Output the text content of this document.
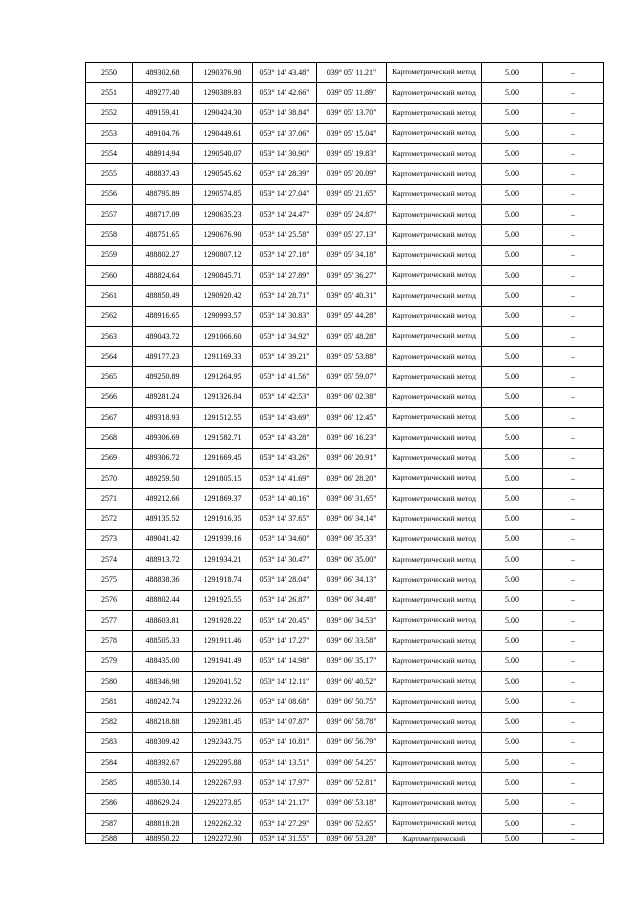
2550	489302.68	1290376.98	053° 14' 43.48"	039° 05' 11.21"	Картометрический метод	5.00	–
2551	489277.40	1290389.83	053° 14' 42.66"	039° 05' 11.89"	Картометрический метод	5.00	–
2552	489159.41	1290424.30	053° 14' 38.84"	039° 05' 13.70"	Картометрический метод	5.00	–
2553	489104.76	1290449.61	053° 14' 37.06"	039° 05' 15.04"	Картометрический метод	5.00	–
2554	488914.94	1290540.07	053° 14' 30.90"	039° 05' 19.83"	Картометрический метод	5.00	–
2555	488837.43	1290545.62	053° 14' 28.39"	039° 05' 20.09"	Картометрический метод	5.00	–
2556	488795.89	1290574.85	053° 14' 27.04"	039° 05' 21.65"	Картометрический метод	5.00	–
2557	488717.09	1290635.23	053° 14' 24.47"	039° 05' 24.87"	Картометрический метод	5.00	–
2558	488751.65	1290676.90	053° 14' 25.58"	039° 05' 27.13"	Картометрический метод	5.00	–
2559	488802.27	1290807.12	053° 14' 27.18"	039° 05' 34.18"	Картометрический метод	5.00	–
2560	488824.64	1290845.71	053° 14' 27.89"	039° 05' 36.27"	Картометрический метод	5.00	–
2561	488850.49	1290920.42	053° 14' 28.71"	039° 05' 40.31"	Картометрический метод	5.00	–
2562	488916.65	1290993.57	053° 14' 30.83"	039° 05' 44.28"	Картометрический метод	5.00	–
2563	489043.72	1291066.60	053° 14' 34.92"	039° 05' 48.28"	Картометрический метод	5.00	–
2564	489177.23	1291169.33	053° 14' 39.21"	039° 05' 53.88"	Картометрический метод	5.00	–
2565	489250.89	1291264.95	053° 14' 41.56"	039° 05' 59.07"	Картометрический метод	5.00	–
2566	489281.24	1291326.04	053° 14' 42.53"	039° 06' 02.38"	Картометрический метод	5.00	–
2567	489318.93	1291512.55	053° 14' 43.69"	039° 06' 12.45"	Картометрический метод	5.00	–
2568	489306.69	1291582.71	053° 14' 43.28"	039° 06' 16.23"	Картометрический метод	5.00	–
2569	489306.72	1291669.45	053° 14' 43.26"	039° 06' 20.91"	Картометрический метод	5.00	–
2570	489259.50	1291805.15	053° 14' 41.69"	039° 06' 28.20"	Картометрический метод	5.00	–
2571	489212.66	1291869.37	053° 14' 40.16"	039° 06' 31.65"	Картометрический метод	5.00	–
2572	489135.52	1291916.35	053° 14' 37.65"	039° 06' 34.14"	Картометрический метод	5.00	–
2573	489041.42	1291939.16	053° 14' 34.60"	039° 06' 35.33"	Картометрический метод	5.00	–
2574	488913.72	1291934.21	053° 14' 30.47"	039° 06' 35.00"	Картометрический метод	5.00	–
2575	488838.36	1291918.74	053° 14' 28.04"	039° 06' 34.13"	Картометрический метод	5.00	–
2576	488802.44	1291925.55	053° 14' 26.87"	039° 06' 34.48"	Картометрический метод	5.00	–
2577	488603.81	1291928.22	053° 14' 20.45"	039° 06' 34.53"	Картометрический метод	5.00	–
2578	488505.33	1291911.46	053° 14' 17.27"	039° 06' 33.58"	Картометрический метод	5.00	–
2579	488435.00	1291941.49	053° 14' 14.98"	039° 06' 35.17"	Картометрический метод	5.00	–
2580	488346.98	1292041.52	053° 14' 12.11"	039° 06' 40.52"	Картометрический метод	5.00	–
2581	488242.74	1292232.26	053° 14' 08.68"	039° 06' 50.75"	Картометрический метод	5.00	–
2582	488218.88	1292381.45	053° 14' 07.87"	039° 06' 58.78"	Картометрический метод	5.00	–
2583	488309.42	1292343.75	053° 14' 10.81"	039° 06' 56.79"	Картометрический метод	5.00	–
2584	488392.67	1292295.88	053° 14' 13.51"	039° 06' 54.25"	Картометрический метод	5.00	–
2585	488530.14	1292267.93	053° 14' 17.97"	039° 06' 52.81"	Картометрический метод	5.00	–
2586	488629.24	1292273.85	053° 14' 21.17"	039° 06' 53.18"	Картометрический метод	5.00	–
2587	488818.28	1292262.32	053° 14' 27.29"	039° 06' 52.65"	Картометрический метод	5.00	–
2588	488950.22	1292272.90	053° 14' 31.55"	039° 06' 53.28"	Картометрический	5.00	–
